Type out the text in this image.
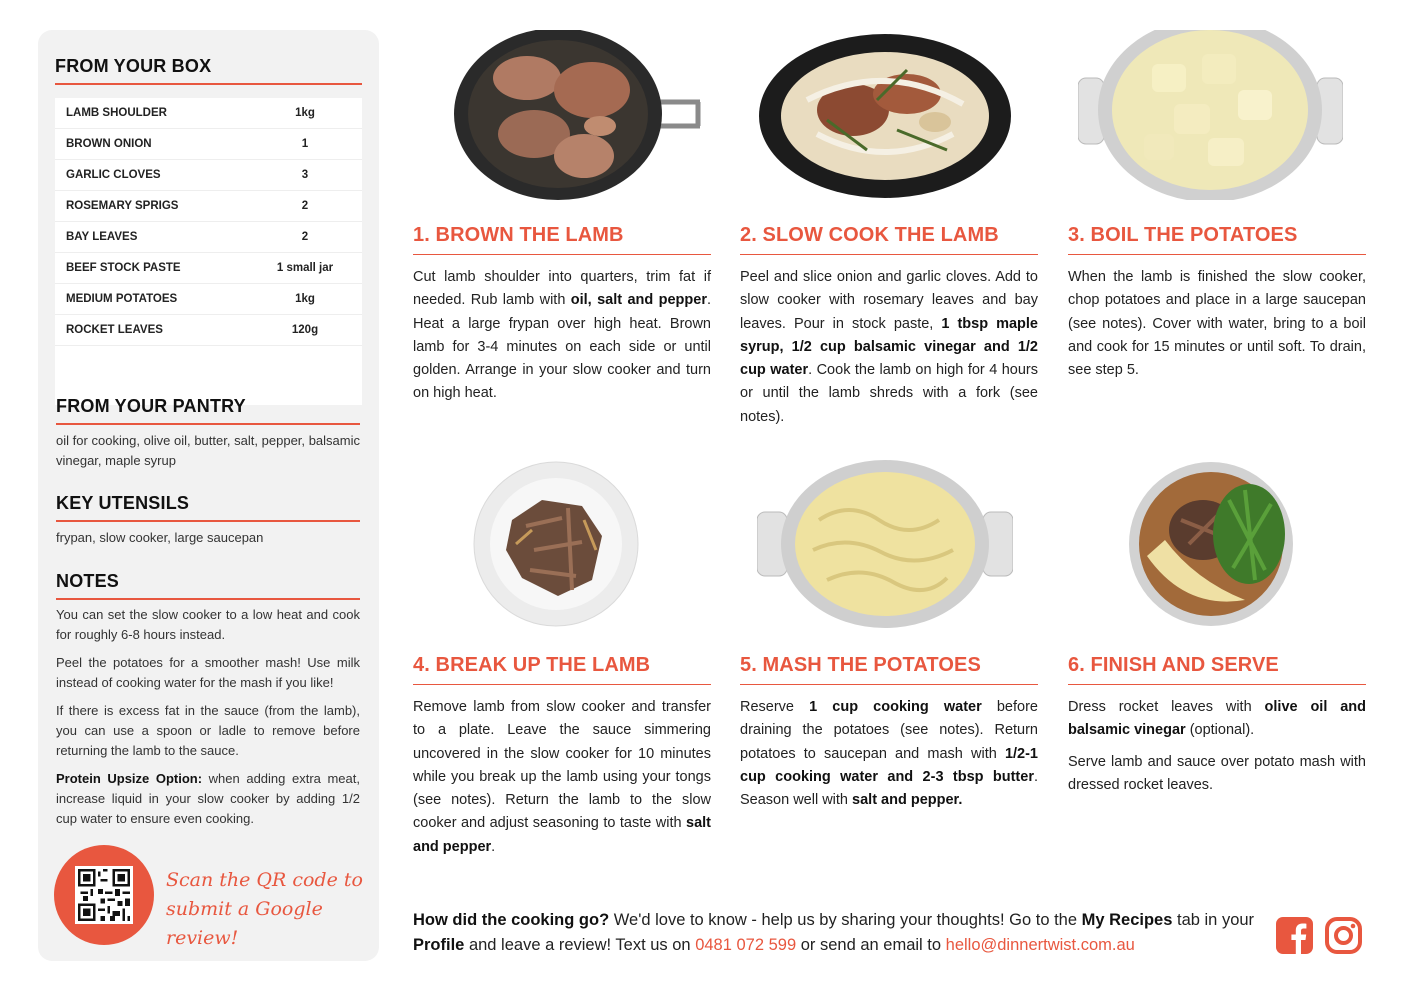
FROM YOUR BOX
LAMB SHOULDER	1kg
BROWN ONION	1
GARLIC CLOVES	3
ROSEMARY SPRIGS	2
BAY LEAVES	2
BEEF STOCK PASTE	1 small jar
MEDIUM POTATOES	1kg
ROCKET LEAVES	120g
FROM YOUR PANTRY
oil for cooking, olive oil, butter, salt, pepper, balsamic vinegar, maple syrup
KEY UTENSILS
frypan, slow cooker, large saucepan
NOTES

You can set the slow cooker to a low heat and cook for roughly 6-8 hours instead.

Peel the potatoes for a smoother mash! Use milk instead of cooking water for the mash if you like!

If there is excess fat in the sauce (from the lamb), you can use a spoon or ladle to remove before returning the lamb to the sauce.

Protein Upsize Option: when adding extra meat, increase liquid in your slow cooker by adding 1/2 cup water to ensure even cooking.

Scan the QR code to
submit a Google review!
1. BROWN THE LAMB	2. SLOW COOK THE LAMB	3. BOIL THE POTATOES
4. BREAK UP THE LAMB	5. MASH THE POTATOES	6. FINISH AND SERVE
Cut lamb shoulder into quarters, trim fat if needed. Rub lamb with oil, salt and pepper. Heat a large frypan over high heat. Brown lamb for 3-4 minutes on each side or until golden. Arrange in your slow cooker and turn on high heat.
Peel and slice onion and garlic cloves. Add to slow cooker with rosemary leaves and bay leaves. Pour in stock paste, 1 tbsp maple syrup, 1/2 cup balsamic vinegar and 1/2 cup water. Cook the lamb on high for 4 hours or until the lamb shreds with a fork (see notes).
When the lamb is finished the slow cooker, chop potatoes and place in a large saucepan (see notes). Cover with water, bring to a boil and cook for 15 minutes or until soft. To drain, see step 5.
Remove lamb from slow cooker and transfer to a plate. Leave the sauce simmering uncovered in the slow cooker for 10 minutes while you break up the lamb using your tongs (see notes). Return the lamb to the slow cooker and adjust seasoning to taste with salt and pepper.
Reserve 1 cup cooking water before draining the potatoes (see notes). Return potatoes to saucepan and mash with 1/2-1 cup cooking water and 2-3 tbsp butter. Season well with salt and pepper.
Dress rocket leaves with olive oil and balsamic vinegar (optional).
Serve lamb and sauce over potato mash with dressed rocket leaves.
How did the cooking go? We'd love to know - help us by sharing your thoughts! Go to the My Recipes tab in your Profile and leave a review! Text us on 0481 072 599 or send an email to hello@dinnertwist.com.au
